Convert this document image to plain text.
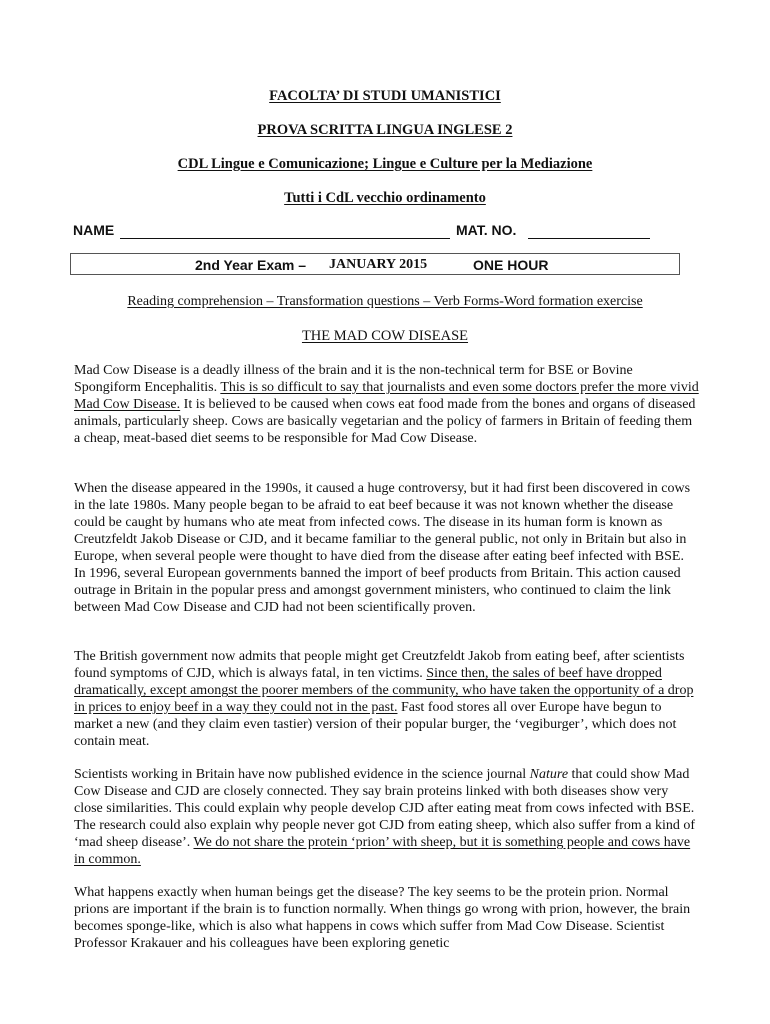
FACOLTA’ DI STUDI UMANISTICI
PROVA SCRITTA LINGUA INGLESE 2
CDL Lingue e Comunicazione; Lingue e Culture per la Mediazione
Tutti i CdL vecchio ordinamento
NAME	MAT. NO.
2nd Year Exam – JANUARY 2015	ONE HOUR
Reading comprehension – Transformation questions – Verb Forms-Word formation exercise
THE MAD COW DISEASE
Mad Cow Disease is a deadly illness of the brain and it is the non-technical term for BSE or Bovine Spongiform Encephalitis. This is so difficult to say that journalists and even some doctors prefer the more vivid Mad Cow Disease. It is believed to be caused when cows eat food made from the bones and organs of diseased animals, particularly sheep. Cows are basically vegetarian and the policy of farmers in Britain of feeding them a cheap, meat-based diet seems to be responsible for Mad Cow Disease.
When the disease appeared in the 1990s, it caused a huge controversy, but it had first been discovered in cows in the late 1980s. Many people began to be afraid to eat beef because it was not known whether the disease could be caught by humans who ate meat from infected cows. The disease in its human form is known as Creutzfeldt Jakob Disease or CJD, and it became familiar to the general public, not only in Britain but also in Europe, when several people were thought to have died from the disease after eating beef infected with BSE. In 1996, several European governments banned the import of beef products from Britain. This action caused outrage in Britain in the popular press and amongst government ministers, who continued to claim the link between Mad Cow Disease and CJD had not been scientifically proven.
The British government now admits that people might get Creutzfeldt Jakob from eating beef, after scientists found symptoms of CJD, which is always fatal, in ten victims. Since then, the sales of beef have dropped dramatically, except amongst the poorer members of the community, who have taken the opportunity of a drop in prices to enjoy beef in a way they could not in the past. Fast food stores all over Europe have begun to market a new (and they claim even tastier) version of their popular burger, the ‘vegiburger’, which does not contain meat.
Scientists working in Britain have now published evidence in the science journal Nature that could show Mad Cow Disease and CJD are closely connected. They say brain proteins linked with both diseases show very close similarities. This could explain why people develop CJD after eating meat from cows infected with BSE. The research could also explain why people never got CJD from eating sheep, which also suffer from a kind of ‘mad sheep disease’. We do not share the protein ‘prion’ with sheep, but it is something people and cows have in common.
What happens exactly when human beings get the disease? The key seems to be the protein prion. Normal prions are important if the brain is to function normally. When things go wrong with prion, however, the brain becomes sponge-like, which is also what happens in cows which suffer from Mad Cow Disease. Scientist Professor Krakauer and his colleagues have been exploring genetic
